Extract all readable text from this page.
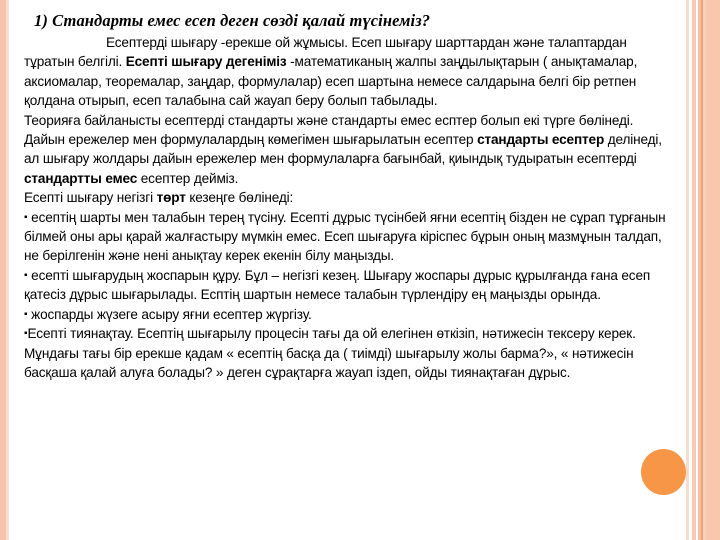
1) Стандарты емес есеп деген сөзді қалай түсінеміз?
Есептерді шығару -ерекше ой жұмысы. Есеп шығару шарттардан және талаптардан тұратын белгілі. Есепті шығару дегеніміз -математиканың жалпы заңдылықтарын ( анықтамалар, аксиомалар, теоремалар, заңдар, формулалар) есеп шартына немесе салдарына белгі бір ретпен қолдана отырып, есеп талабына сай жауап беру болып табылады.
Теорияға байланысты есептерді стандарты және стандарты емес есптер болып екі түрге бөлінеді. Дайын ережелер мен формулалардың көмегімен шығарылатын есептер стандарты есептер делінеді, ал шығару жолдары дайын ережелер мен формулаларға бағынбай, қиындық тудыратын есептерді стандартты емес есептер дейміз.
Есепті шығару негізгі төрт кезеңге бөлінеді:
▪ есептің шарты мен талабын терең түсіну. Есепті дұрыс түсінбей яғни есептің бізден не сұрап тұрғанын білмей оны ары қарай жалғастыру мүмкін емес. Есеп шығаруға кіріспес бұрын оның мазмұнын талдап, не берілгенін және нені анықтау керек екенін білу маңызды.
▪ есепті шығарудың жоспарын құру. Бұл – негізгі кезең. Шығару жоспары дұрыс құрылғанда ғана есеп қатесіз дұрыс шығарылады. Есптің шартын немесе талабын түрлендіру ең маңызды орында.
▪ жоспарды жүзеге асыру яғни есептер жүргізу.
▪Есепті тиянақтау. Есептің шығарылу процесін тағы да ой елегінен өткізіп, нәтижесін тексеру керек. Мұндағы тағы бір ерекше қадам « есептің басқа да ( тиімді) шығарылу жолы барма?», « нәтижесін басқаша қалай алуға болады? » деген сұрақтарға жауап іздеп, ойды тиянақтаған дұрыс.
